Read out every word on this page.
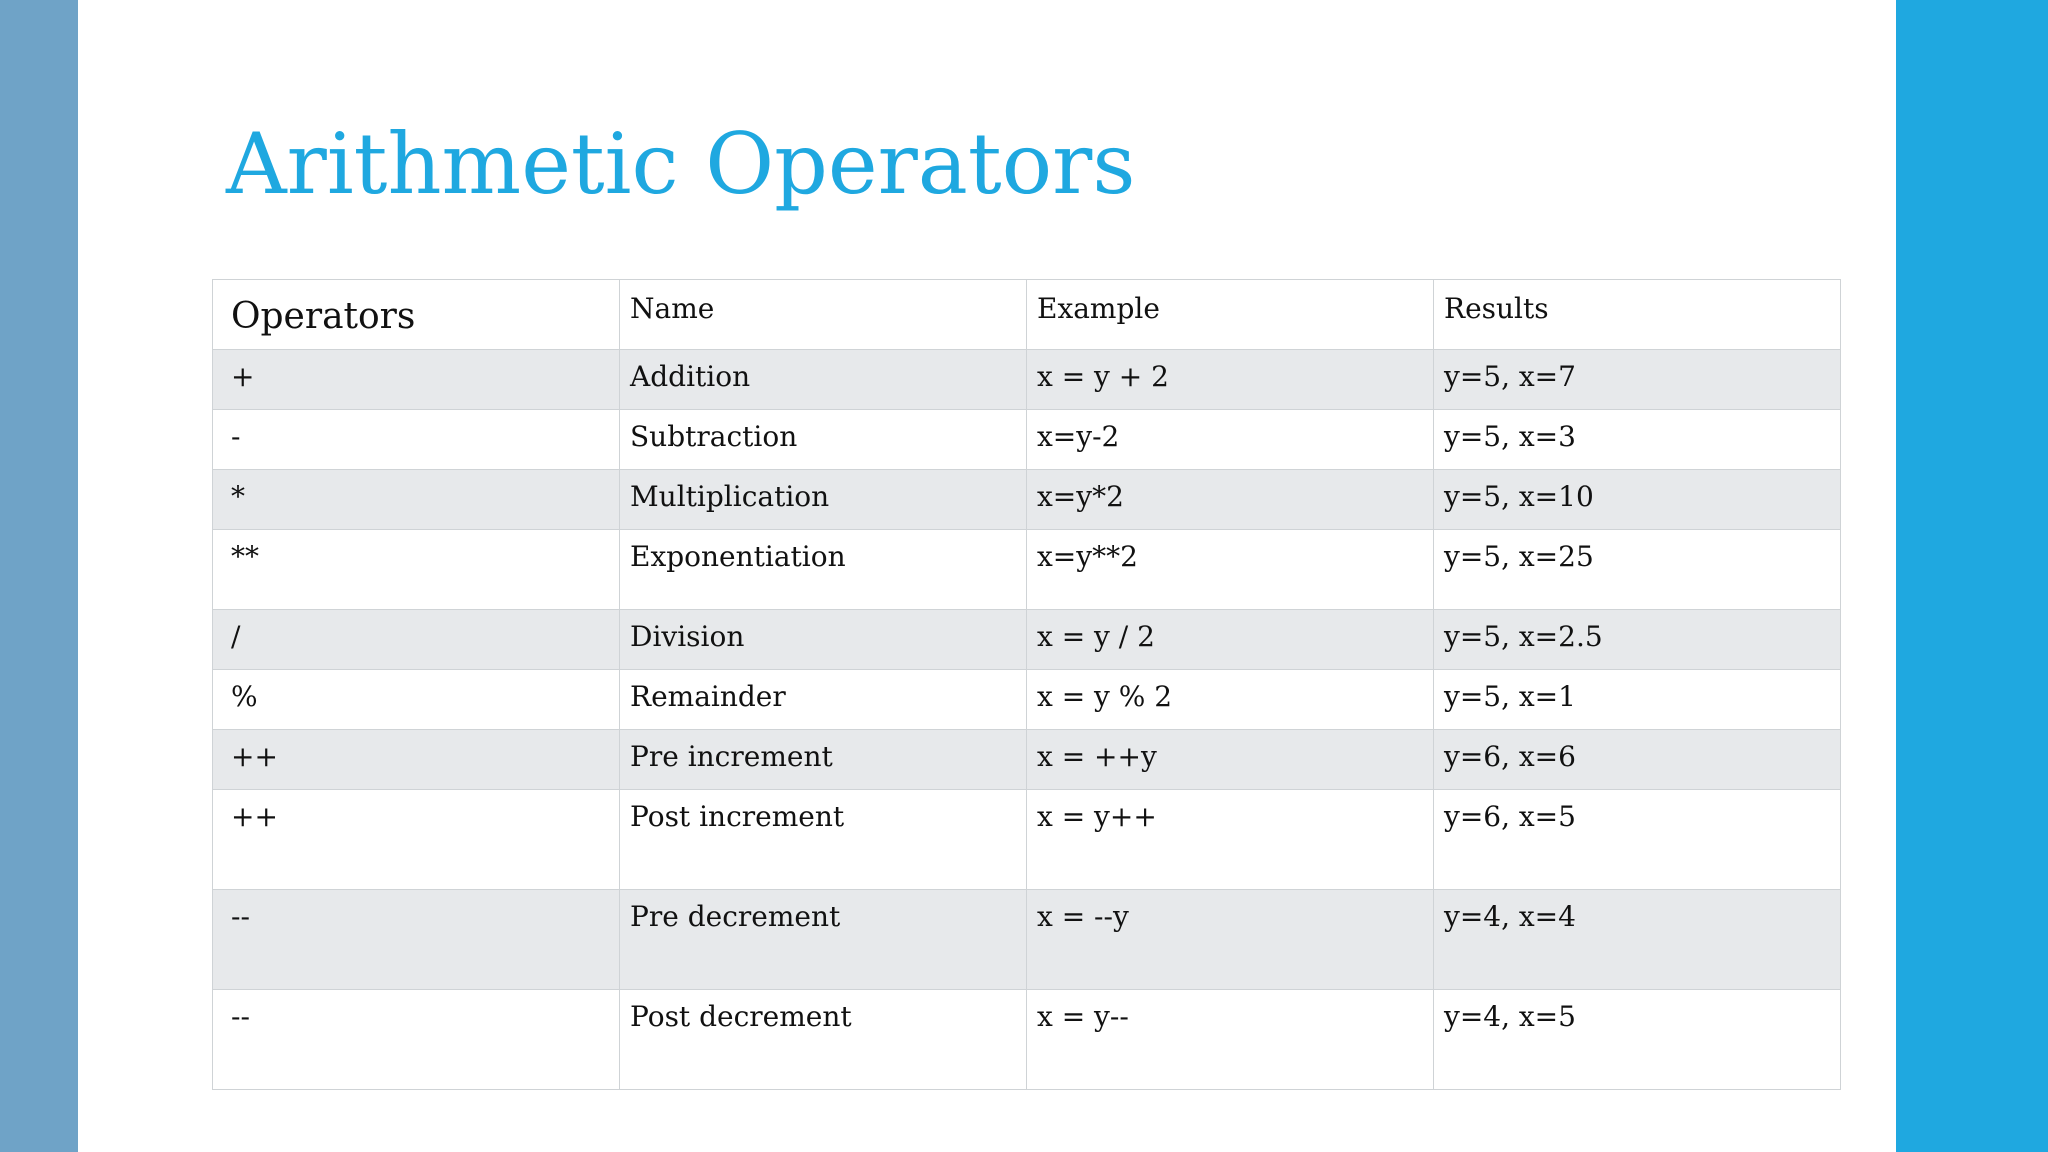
Arithmetic Operators
Operators	Name	Example	Results
+	Addition	x = y + 2	y=5, x=7
-	Subtraction	x=y-2	y=5, x=3
*	Multiplication	x=y*2	y=5, x=10
**	Exponentiation	x=y**2	y=5, x=25
/	Division	x = y / 2	y=5, x=2.5
%	Remainder	x = y % 2	y=5, x=1
++	Pre increment	x = ++y	y=6, x=6
++	Post increment	x = y++	y=6, x=5
--	Pre decrement	x = --y	y=4, x=4
--	Post decrement	x = y--	y=4, x=5
